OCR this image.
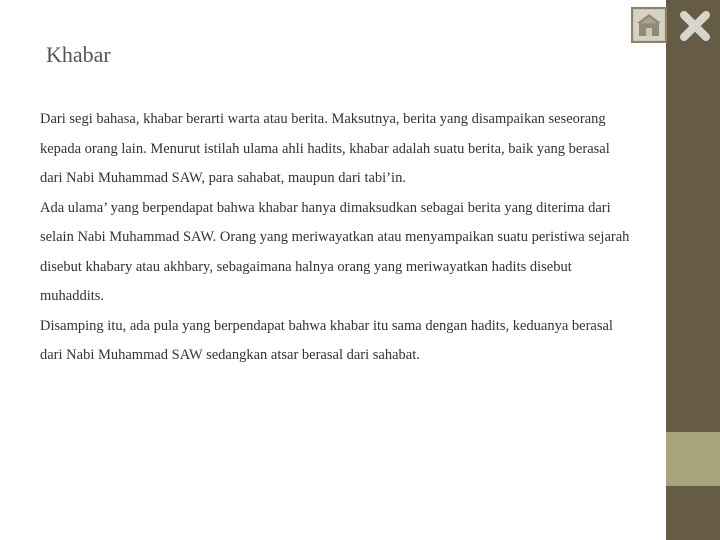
Khabar

Dari segi bahasa, khabar berarti warta atau berita. Maksutnya, berita yang disampaikan seseorang kepada orang lain. Menurut istilah ulama ahli hadits, khabar adalah suatu berita, baik yang berasal dari Nabi Muhammad SAW, para sahabat, maupun dari tabi’in.

Ada ulama’ yang berpendapat bahwa khabar hanya dimaksudkan sebagai berita yang diterima dari selain Nabi Muhammad SAW. Orang yang meriwayatkan atau menyampaikan suatu peristiwa sejarah disebut khabary atau akhbary, sebagaimana halnya orang yang meriwayatkan hadits disebut muhaddits.

Disamping itu, ada pula yang berpendapat bahwa khabar itu sama dengan hadits, keduanya berasal dari Nabi Muhammad SAW sedangkan atsar berasal dari sahabat.
